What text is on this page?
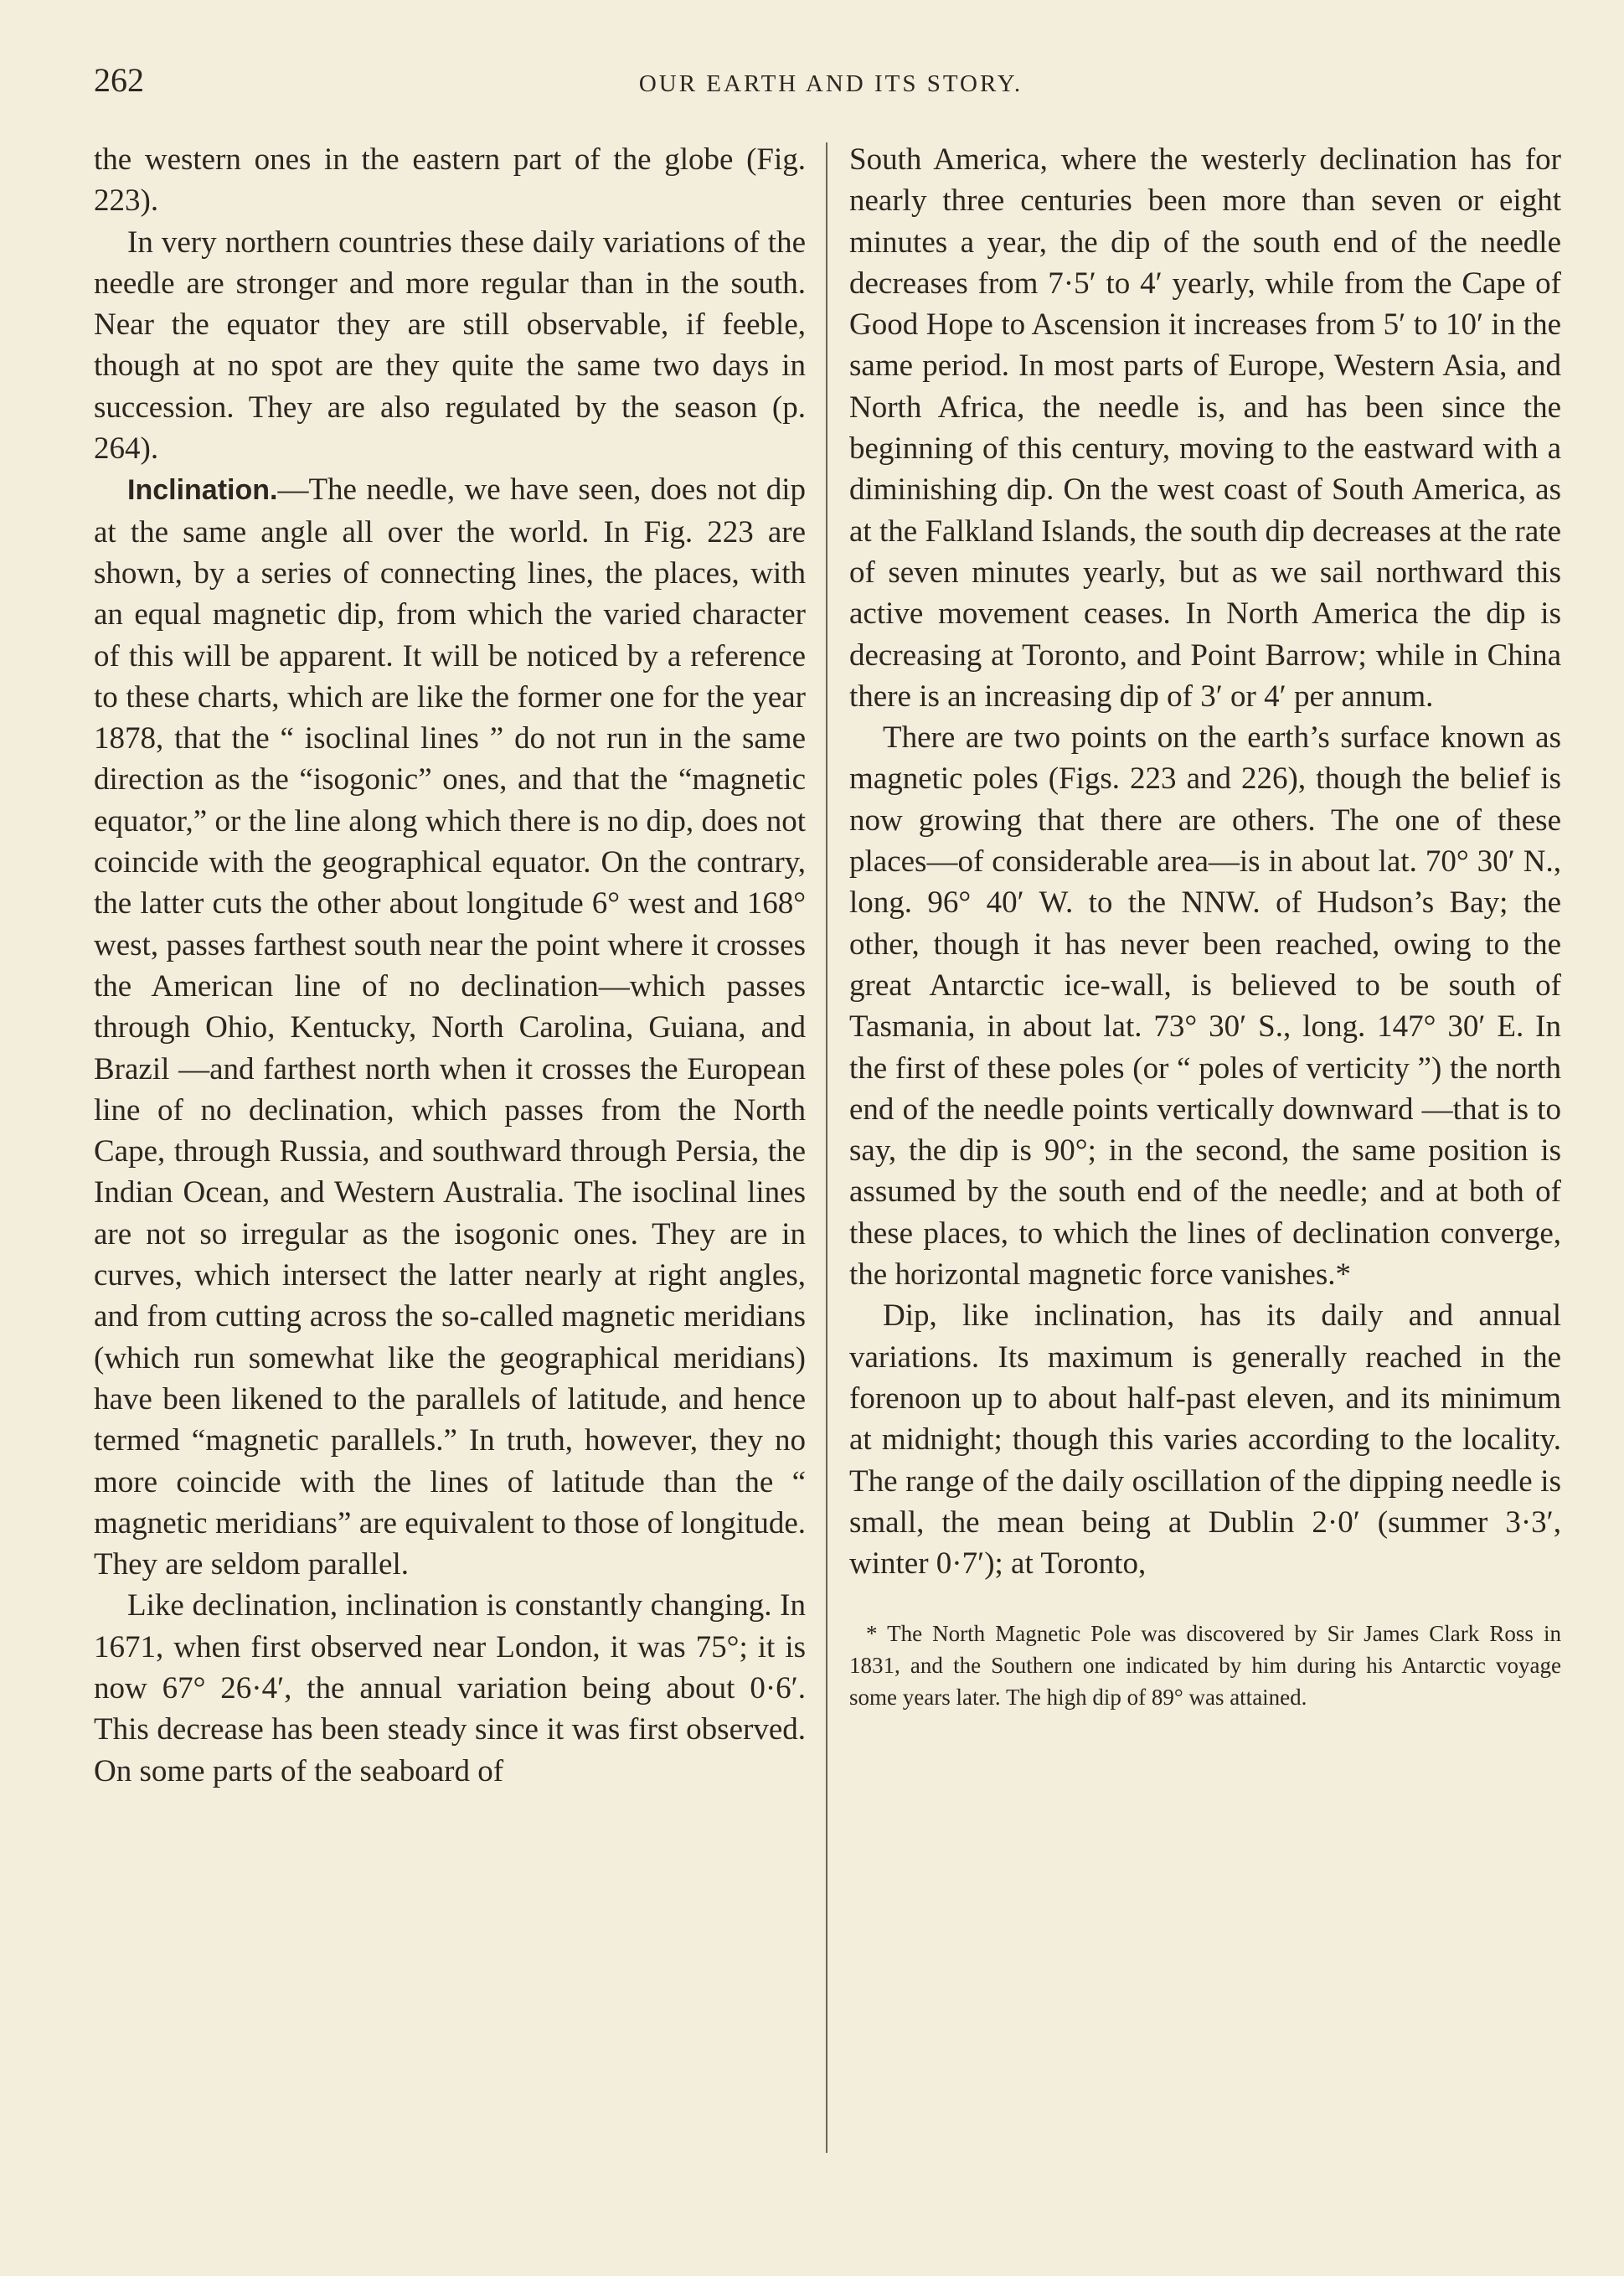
262	OUR EARTH AND ITS STORY.

the western ones in the eastern part of the globe (Fig. 223).

In very northern countries these daily variations of the needle are stronger and more regular than in the south. Near the equator they are still observable, if feeble, though at no spot are they quite the same two days in succession. They are also regulated by the season (p. 264).

Inclination.—The needle, we have seen, does not dip at the same angle all over the world. In Fig. 223 are shown, by a series of connecting lines, the places, with an equal magnetic dip, from which the varied character of this will be apparent. It will be noticed by a reference to these charts, which are like the former one for the year 1878, that the “ isoclinal lines ” do not run in the same direction as the “isogonic” ones, and that the “magnetic equator,” or the line along which there is no dip, does not coincide with the geographical equator. On the contrary, the latter cuts the other about longitude 6° west and 168° west, passes farthest south near the point where it crosses the American line of no declination—which passes through Ohio, Kentucky, North Carolina, Guiana, and Brazil —and farthest north when it crosses the European line of no declination, which passes from the North Cape, through Russia, and southward through Persia, the Indian Ocean, and Western Australia. The isoclinal lines are not so irregular as the isogonic ones. They are in curves, which intersect the latter nearly at right angles, and from cutting across the so-called magnetic meridians (which run somewhat like the geographical meridians) have been likened to the parallels of latitude, and hence termed “magnetic parallels.” In truth, however, they no more coincide with the lines of latitude than the “ magnetic meridians” are equivalent to those of longitude. They are seldom parallel.

Like declination, inclination is constantly changing. In 1671, when first observed near London, it was 75°; it is now 67° 26·4′, the annual variation being about 0·6′. This decrease has been steady since it was first observed. On some parts of the seaboard of

South America, where the westerly declination has for nearly three centuries been more than seven or eight minutes a year, the dip of the south end of the needle decreases from 7·5′ to 4′ yearly, while from the Cape of Good Hope to Ascension it increases from 5′ to 10′ in the same period. In most parts of Europe, Western Asia, and North Africa, the needle is, and has been since the beginning of this century, moving to the eastward with a diminishing dip. On the west coast of South America, as at the Falkland Islands, the south dip decreases at the rate of seven minutes yearly, but as we sail northward this active movement ceases. In North America the dip is decreasing at Toronto, and Point Barrow; while in China there is an increasing dip of 3′ or 4′ per annum.

There are two points on the earth’s surface known as magnetic poles (Figs. 223 and 226), though the belief is now growing that there are others. The one of these places—of considerable area—is in about lat. 70° 30′ N., long. 96° 40′ W. to the NNW. of Hudson’s Bay; the other, though it has never been reached, owing to the great Antarctic ice-wall, is believed to be south of Tasmania, in about lat. 73° 30′ S., long. 147° 30′ E. In the first of these poles (or “ poles of verticity ”) the north end of the needle points vertically downward —that is to say, the dip is 90°; in the second, the same position is assumed by the south end of the needle; and at both of these places, to which the lines of declination converge, the horizontal magnetic force vanishes.*

Dip, like inclination, has its daily and annual variations. Its maximum is generally reached in the forenoon up to about half-past eleven, and its minimum at midnight; though this varies according to the locality. The range of the daily oscillation of the dipping needle is small, the mean being at Dublin 2·0′ (summer 3·3′, winter 0·7′); at Toronto,

* The North Magnetic Pole was discovered by Sir James Clark Ross in 1831, and the Southern one indicated by him during his Antarctic voyage some years later. The high dip of 89° was attained.
